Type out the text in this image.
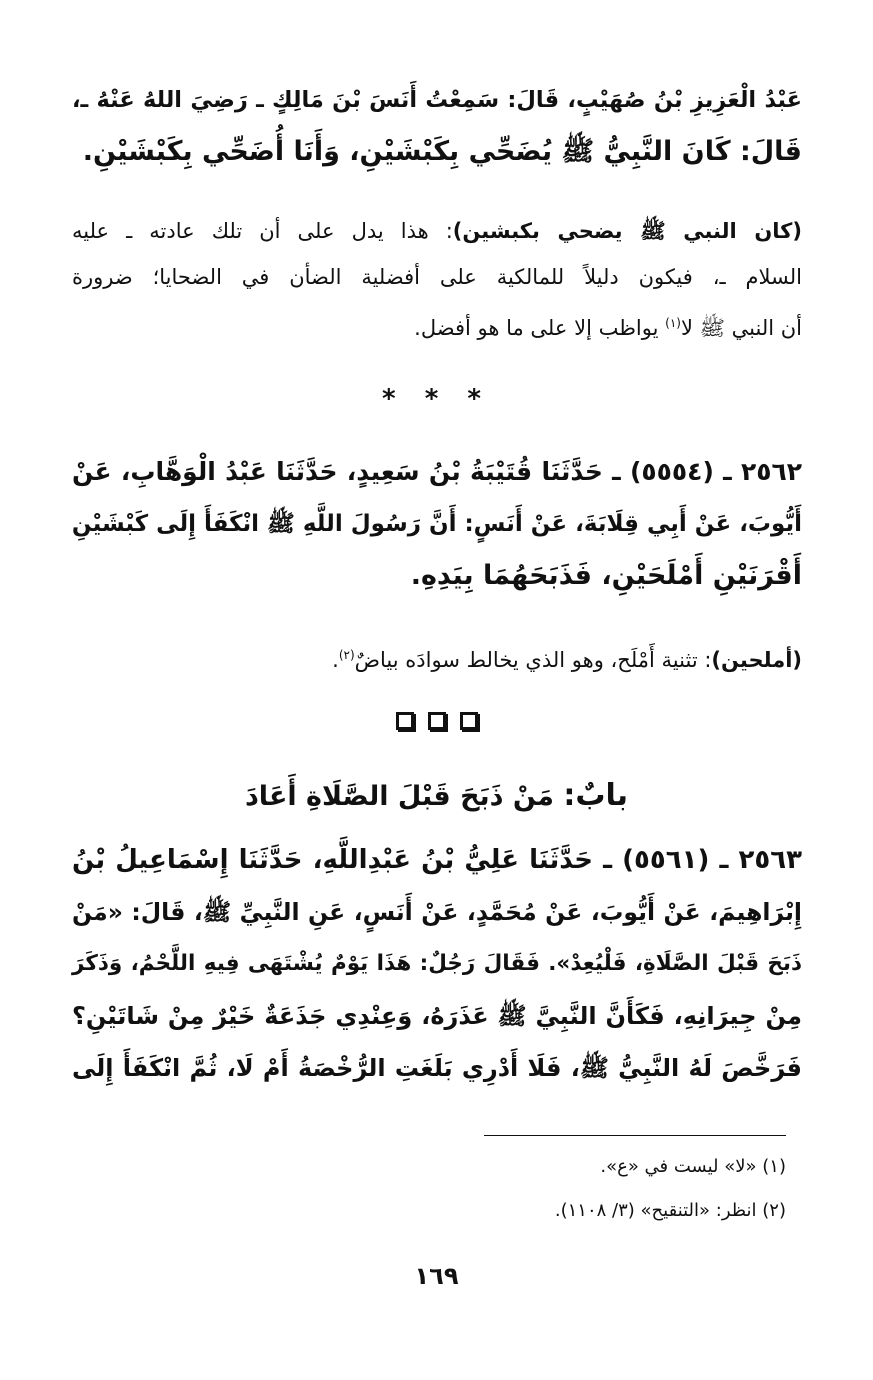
عَبْدُ الْعَزِيزِ بْنُ صُهَيْبٍ، قَالَ: سَمِعْتُ أَنَسَ بْنَ مَالِكٍ ـ رَضِيَ اللهُ عَنْهُ ـ،
قَالَ: كَانَ النَّبِيُّ ﷺ يُضَحِّي بِكَبْشَيْنِ، وَأَنَا أُضَحِّي بِكَبْشَيْنِ.
(كان النبي ﷺ يضحي بكبشين): هذا يدل على أن تلك عادته ـ عليه
السلام ـ، فيكون دليلاً للمالكية على أفضلية الضأن في الضحايا؛ ضرورة
أن النبي ﷺ لا$^{(١)}$ يواظب إلا على ما هو أفضل.
* * *
٢٥٦٢ ـ (٥٥٥٤) ـ حَدَّثَنَا قُتَيْبَةُ بْنُ سَعِيدٍ، حَدَّثَنَا عَبْدُ الْوَهَّابِ، عَنْ
أَيُّوبَ، عَنْ أَبِي قِلَابَةَ، عَنْ أَنَسٍ: أَنَّ رَسُولَ اللَّهِ ﷺ انْكَفَأَ إِلَى كَبْشَيْنِ
أَقْرَنَيْنِ أَمْلَحَيْنِ، فَذَبَحَهُمَا بِيَدِهِ.
(أملحين): تثنية أَمْلَح، وهو الذي يخالط سوادَه بياضٌ$^{(٢)}$.
بابٌ: مَنْ ذَبَحَ قَبْلَ الصَّلَاةِ أَعَادَ
٢٥٦٣ ـ (٥٥٦١) ـ حَدَّثَنَا عَلِيُّ بْنُ عَبْدِاللَّهِ، حَدَّثَنَا إِسْمَاعِيلُ بْنُ
إِبْرَاهِيمَ، عَنْ أَيُّوبَ، عَنْ مُحَمَّدٍ، عَنْ أَنَسٍ، عَنِ النَّبِيِّ ﷺ، قَالَ: «مَنْ
ذَبَحَ قَبْلَ الصَّلَاةِ، فَلْيُعِدْ». فَقَالَ رَجُلٌ: هَذَا يَوْمٌ يُشْتَهَى فِيهِ اللَّحْمُ، وَذَكَرَ
مِنْ جِيرَانِهِ، فَكَأَنَّ النَّبِيَّ ﷺ عَذَرَهُ، وَعِنْدِي جَذَعَةٌ خَيْرٌ مِنْ شَاتَيْنِ؟
فَرَخَّصَ لَهُ النَّبِيُّ ﷺ، فَلَا أَدْرِي بَلَغَتِ الرُّخْصَةُ أَمْ لَا، ثُمَّ انْكَفَأَ إِلَى
(١) «لا» ليست في «ع».
(٢) انظر: «التنقيح» (٣/ ١١٠٨).
١٦٩
